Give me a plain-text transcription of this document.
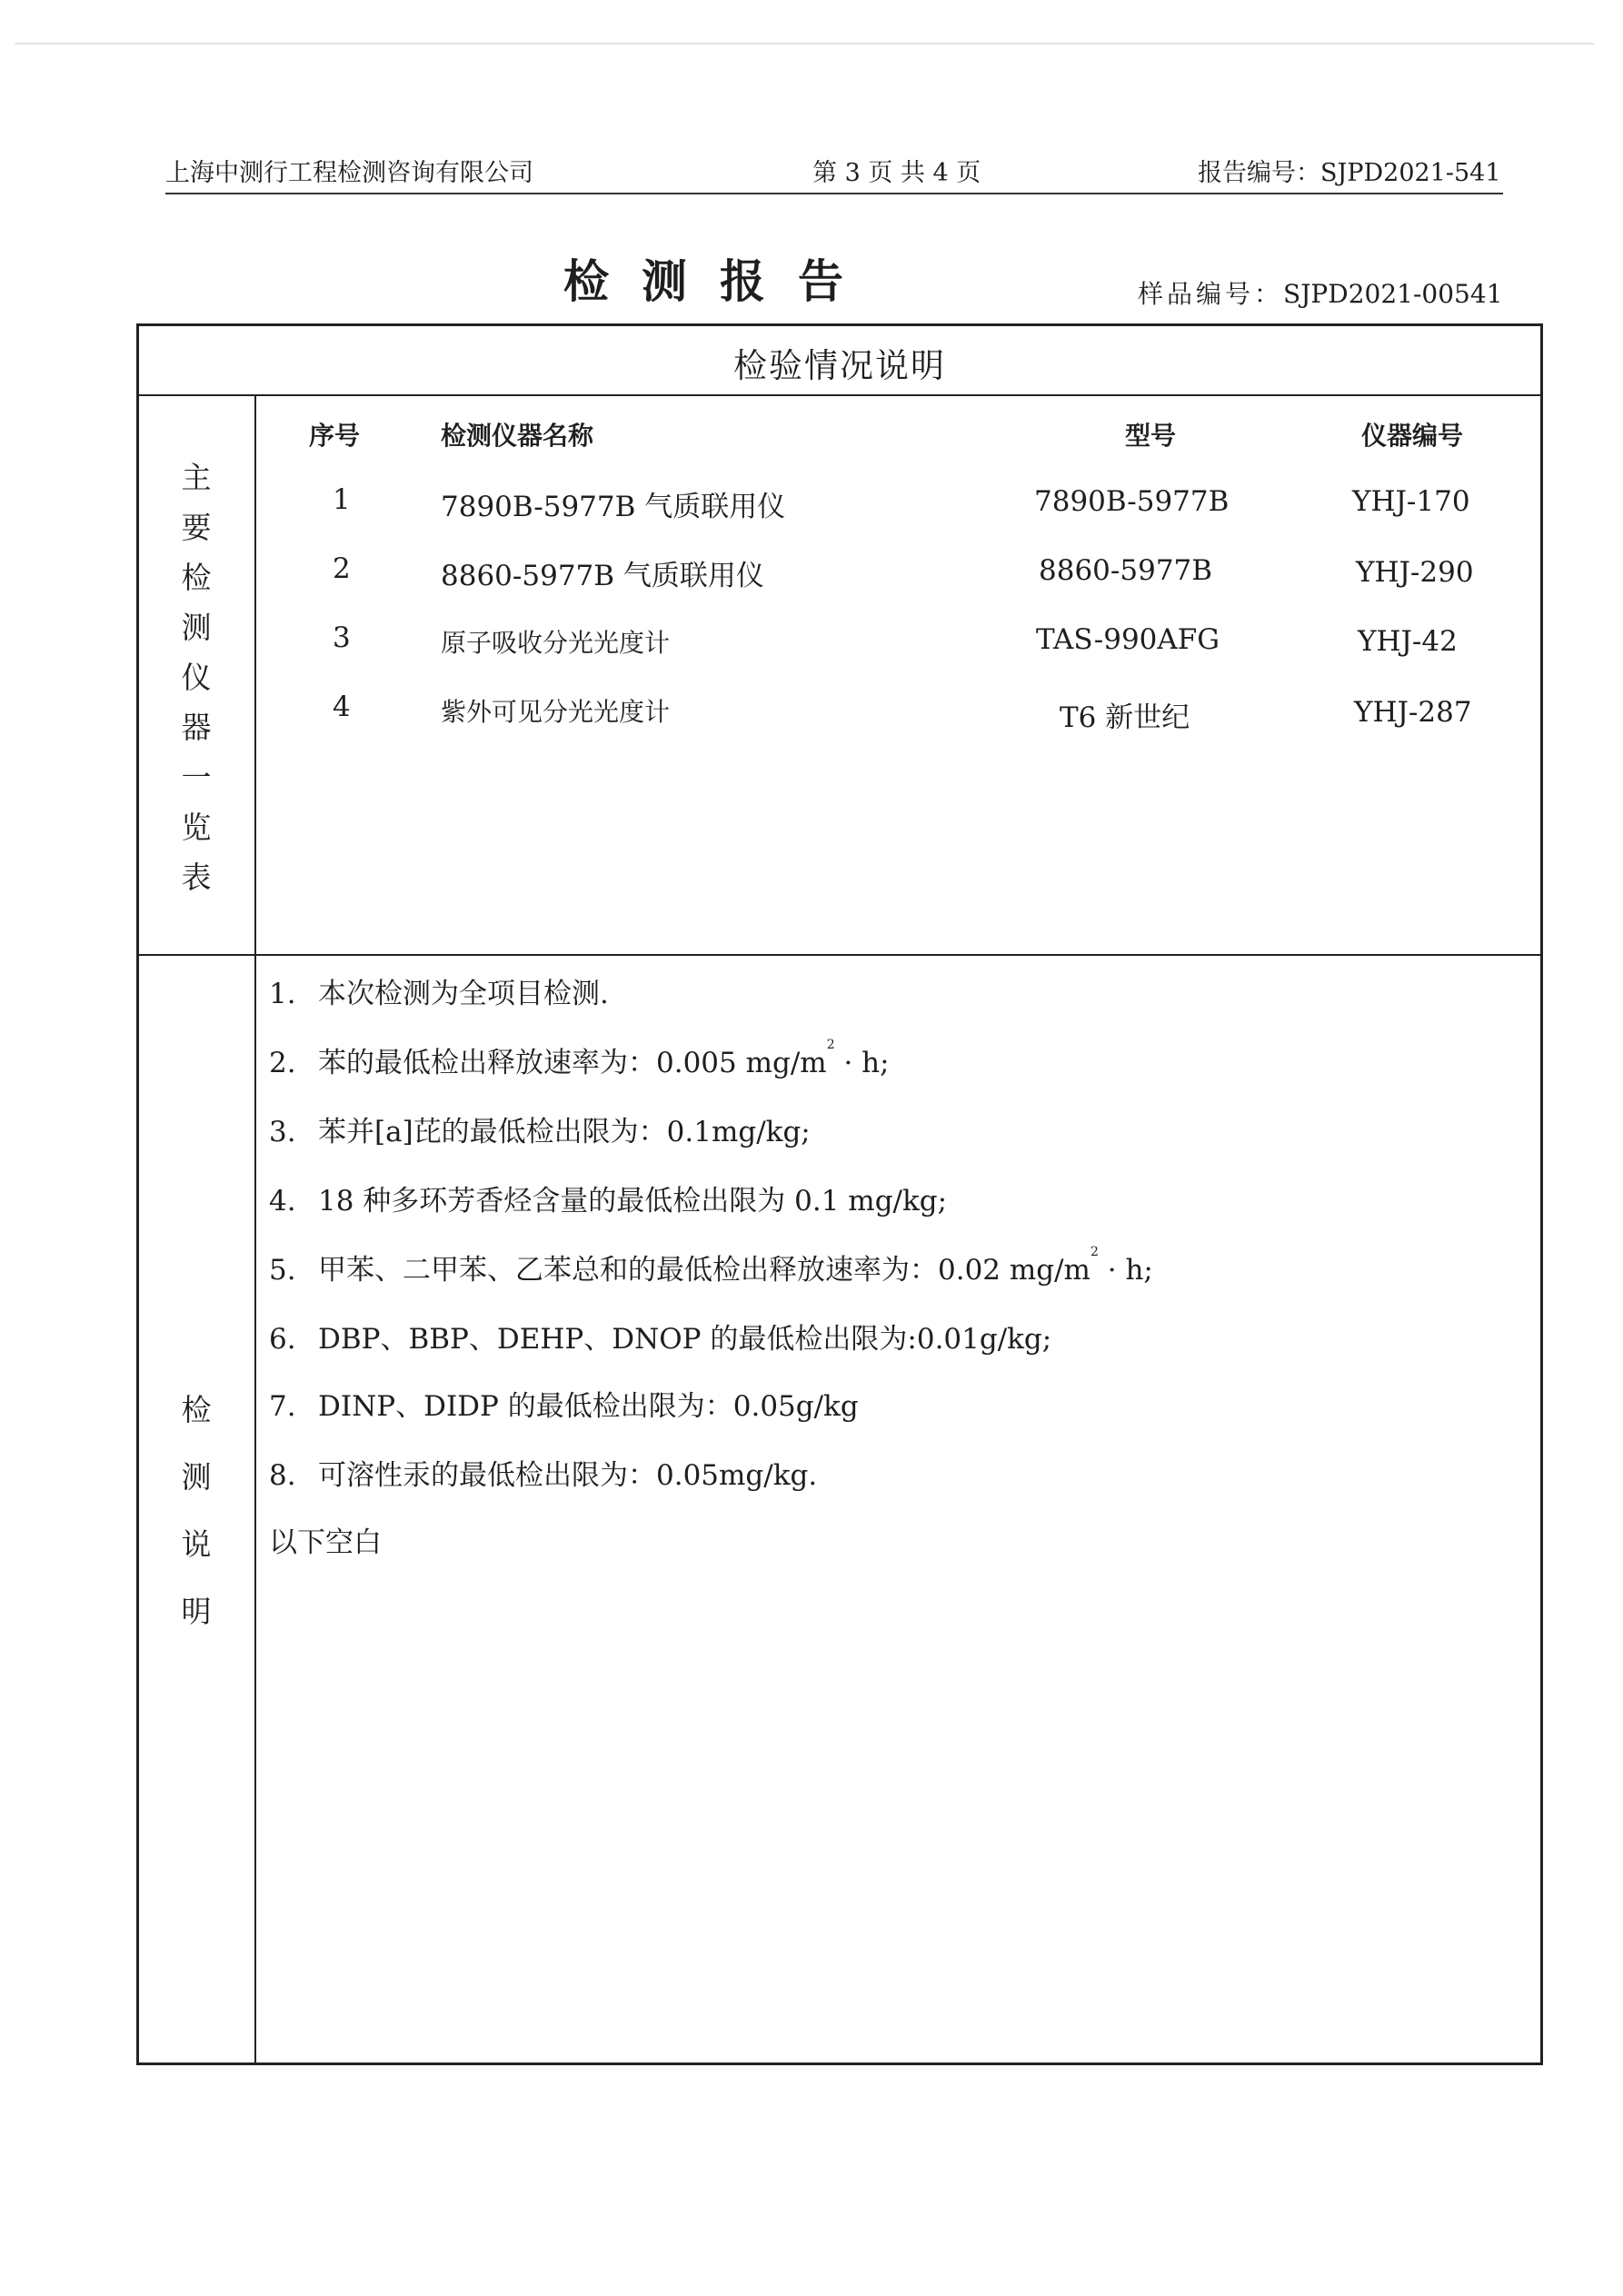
上海中测行工程检测咨询有限公司	第 3 页 共 4 页	报告编号：SJPD2021-541
检测报告	样品编号：SJPD2021-00541
检验情况说明
主
要
检
测
仪
器
一
览
表
序号	检测仪器名称	型号	仪器编号
1	7890B-5977B 气质联用仪	7890B-5977B	YHJ-170
2	8860-5977B 气质联用仪	8860-5977B	YHJ-290
3	原子吸收分光光度计	TAS-990AFG	YHJ-42
4	紫外可见分光光度计	T6 新世纪	YHJ-287
检
测
说
明
1. 本次检测为全项目检测.
2. 苯的最低检出释放速率为：0.005 $mg/m^2 \cdot h$;
3. 苯并[a]芘的最低检出限为：0.1mg/kg;
4. 18 种多环芳香烃含量的最低检出限为 0.1 mg/kg;
5. 甲苯、二甲苯、乙苯总和的最低检出释放速率为：0.02 $mg/m^2 \cdot h$;
6. DBP、BBP、DEHP、DNOP 的最低检出限为:0.01g/kg;
7. DINP、DIDP 的最低检出限为：0.05g/kg
8. 可溶性汞的最低检出限为：0.05mg/kg.
以下空白
